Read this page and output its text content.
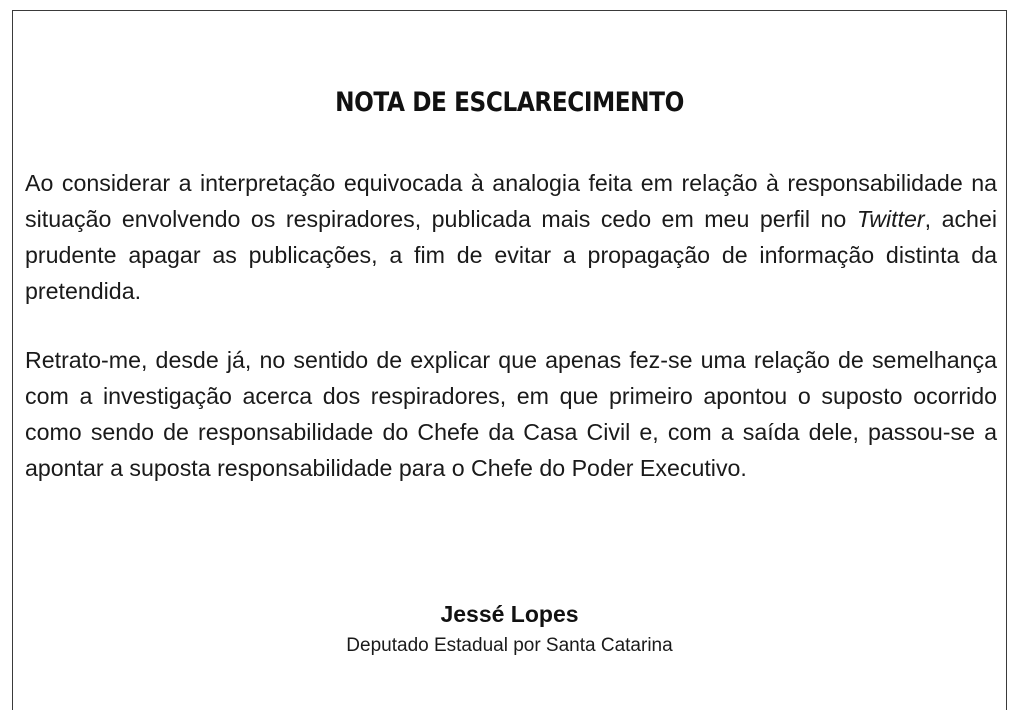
NOTA DE ESCLARECIMENTO

Ao considerar a interpretação equivocada à analogia feita em relação à responsabilidade na situação envolvendo os respiradores, publicada mais cedo em meu perfil no Twitter, achei prudente apagar as publicações, a fim de evitar a propagação de informação distinta da pretendida.

Retrato-me, desde já, no sentido de explicar que apenas fez-se uma relação de semelhança com a investigação acerca dos respiradores, em que primeiro apontou o suposto ocorrido como sendo de responsabilidade do Chefe da Casa Civil e, com a saída dele, passou-se a apontar a suposta responsabilidade para o Chefe do Poder Executivo.

Jessé Lopes
Deputado Estadual por Santa Catarina
